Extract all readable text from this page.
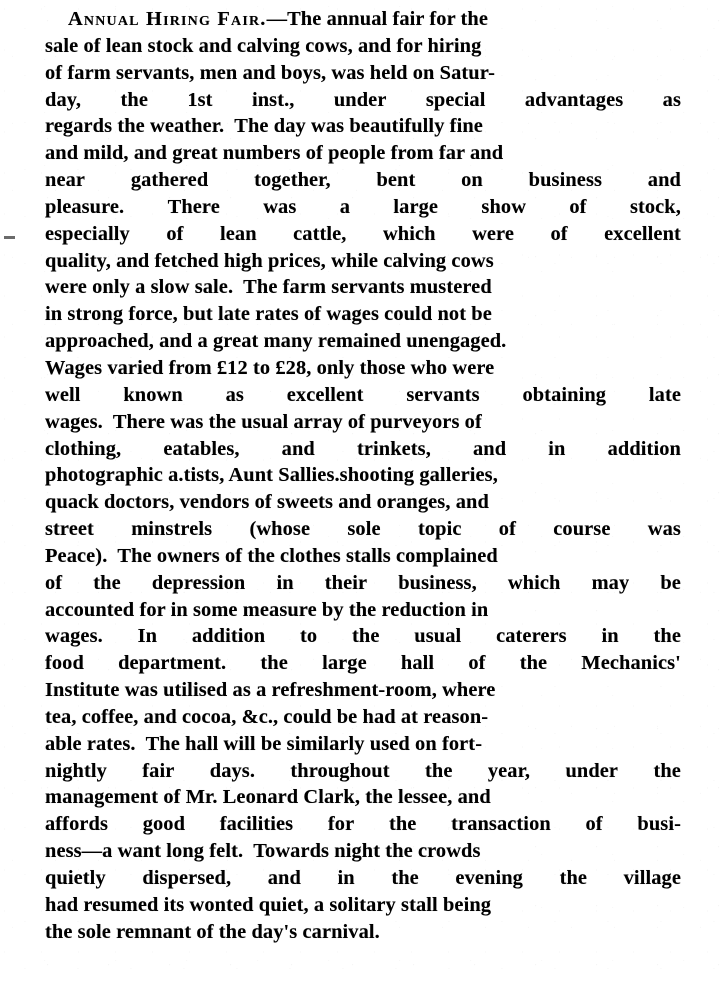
Annual Hiring Fair.—The annual fair for the
sale of lean stock and calving cows, and for hiring
of farm servants, men and boys, was held on Satur-
day, the 1st inst., under special advantages as
regards the weather.  The day was beautifully fine
and mild, and great numbers of people from far and
near gathered together, bent on business and
pleasure. There was a large show of stock,
especially of lean cattle, which were of excellent
quality, and fetched high prices, while calving cows
were only a slow sale.  The farm servants mustered
in strong force, but late rates of wages could not be
approached, and a great many remained unengaged.
Wages varied from £12 to £28, only those who were
well known as excellent servants obtaining late
wages.  There was the usual array of purveyors of
clothing, eatables, and trinkets, and in addition
photographic a.tists, Aunt Sallies.shooting galleries,
quack doctors, vendors of sweets and oranges, and
street minstrels (whose sole topic of course was
Peace).  The owners of the clothes stalls complained
of the depression in their business, which may be
accounted for in some measure by the reduction in
wages. In addition to the usual caterers in the
food department. the large hall of the Mechanics'
Institute was utilised as a refreshment-room, where
tea, coffee, and cocoa, &c., could be had at reason-
able rates.  The hall will be similarly used on fort-
nightly fair days. throughout the year, under the
management of Mr. Leonard Clark, the lessee, and
affords good facilities for the transaction of busi-
ness—a want long felt.  Towards night the crowds
quietly dispersed, and in the evening the village
had resumed its wonted quiet, a solitary stall being
the sole remnant of the day's carnival.
